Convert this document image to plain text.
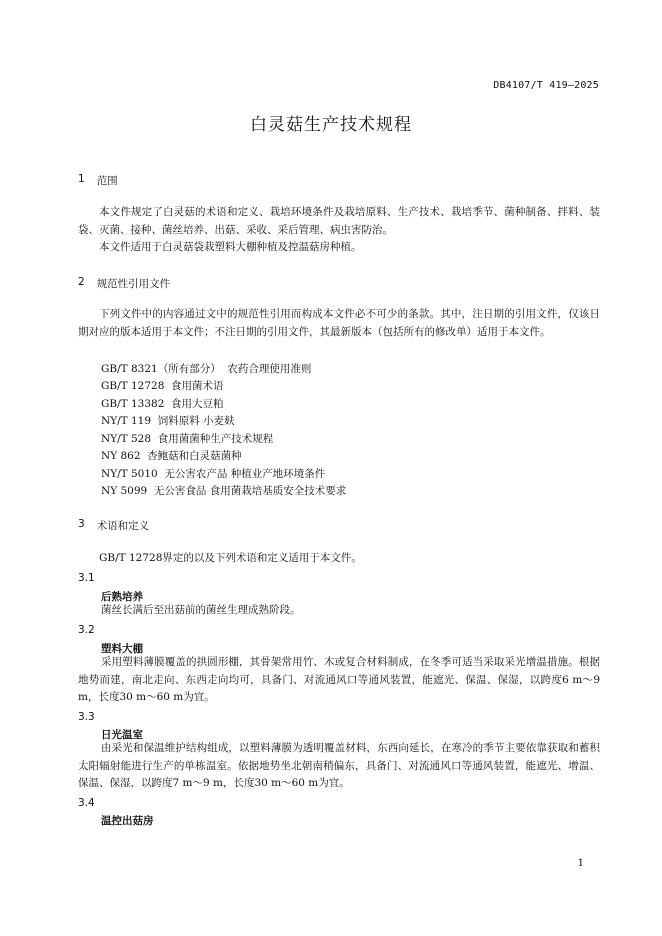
DB4107/T 419—2025
白灵菇生产技术规程
1 范围
本文件规定了白灵菇的术语和定义、栽培环境条件及栽培原料、生产技术、栽培季节、菌种制备、拌料、装袋、灭菌、接种、菌丝培养、出菇、采收、采后管理、病虫害防治。
本文件适用于白灵菇袋栽塑料大棚种植及控温菇房种植。
2 规范性引用文件
下列文件中的内容通过文中的规范性引用而构成本文件必不可少的条款。其中，注日期的引用文件，仅该日期对应的版本适用于本文件；不注日期的引用文件，其最新版本（包括所有的修改单）适用于本文件。
GB/T 8321（所有部分）  农药合理使用准则
GB/T 12728  食用菌术语
GB/T 13382  食用大豆粕
NY/T 119  饲料原料 小麦麸
NY/T 528  食用菌菌种生产技术规程
NY 862  杏鲍菇和白灵菇菌种
NY/T 5010  无公害农产品 种植业产地环境条件
NY 5099  无公害食品 食用菌栽培基质安全技术要求
3 术语和定义
GB/T 12728界定的以及下列术语和定义适用于本文件。
3.1
后熟培养
菌丝长满后至出菇前的菌丝生理成熟阶段。
3.2
塑料大棚
采用塑料薄膜覆盖的拱圆形棚，其骨架常用竹、木或复合材料制成，在冬季可适当采取采光增温措施。根据地势而建，南北走向、东西走向均可，具备门、对流通风口等通风装置，能遮光、保温、保湿，以跨度6 m～9 m，长度30 m～60 m为宜。
3.3
日光温室
由采光和保温维护结构组成，以塑料薄膜为透明覆盖材料，东西向延长，在寒冷的季节主要依靠获取和蓄积太阳辐射能进行生产的单栋温室。依据地势坐北朝南稍偏东，具备门、对流通风口等通风装置，能遮光、增温、保温、保湿，以跨度7 m～9 m，长度30 m～60 m为宜。
3.4
温控出菇房
1
